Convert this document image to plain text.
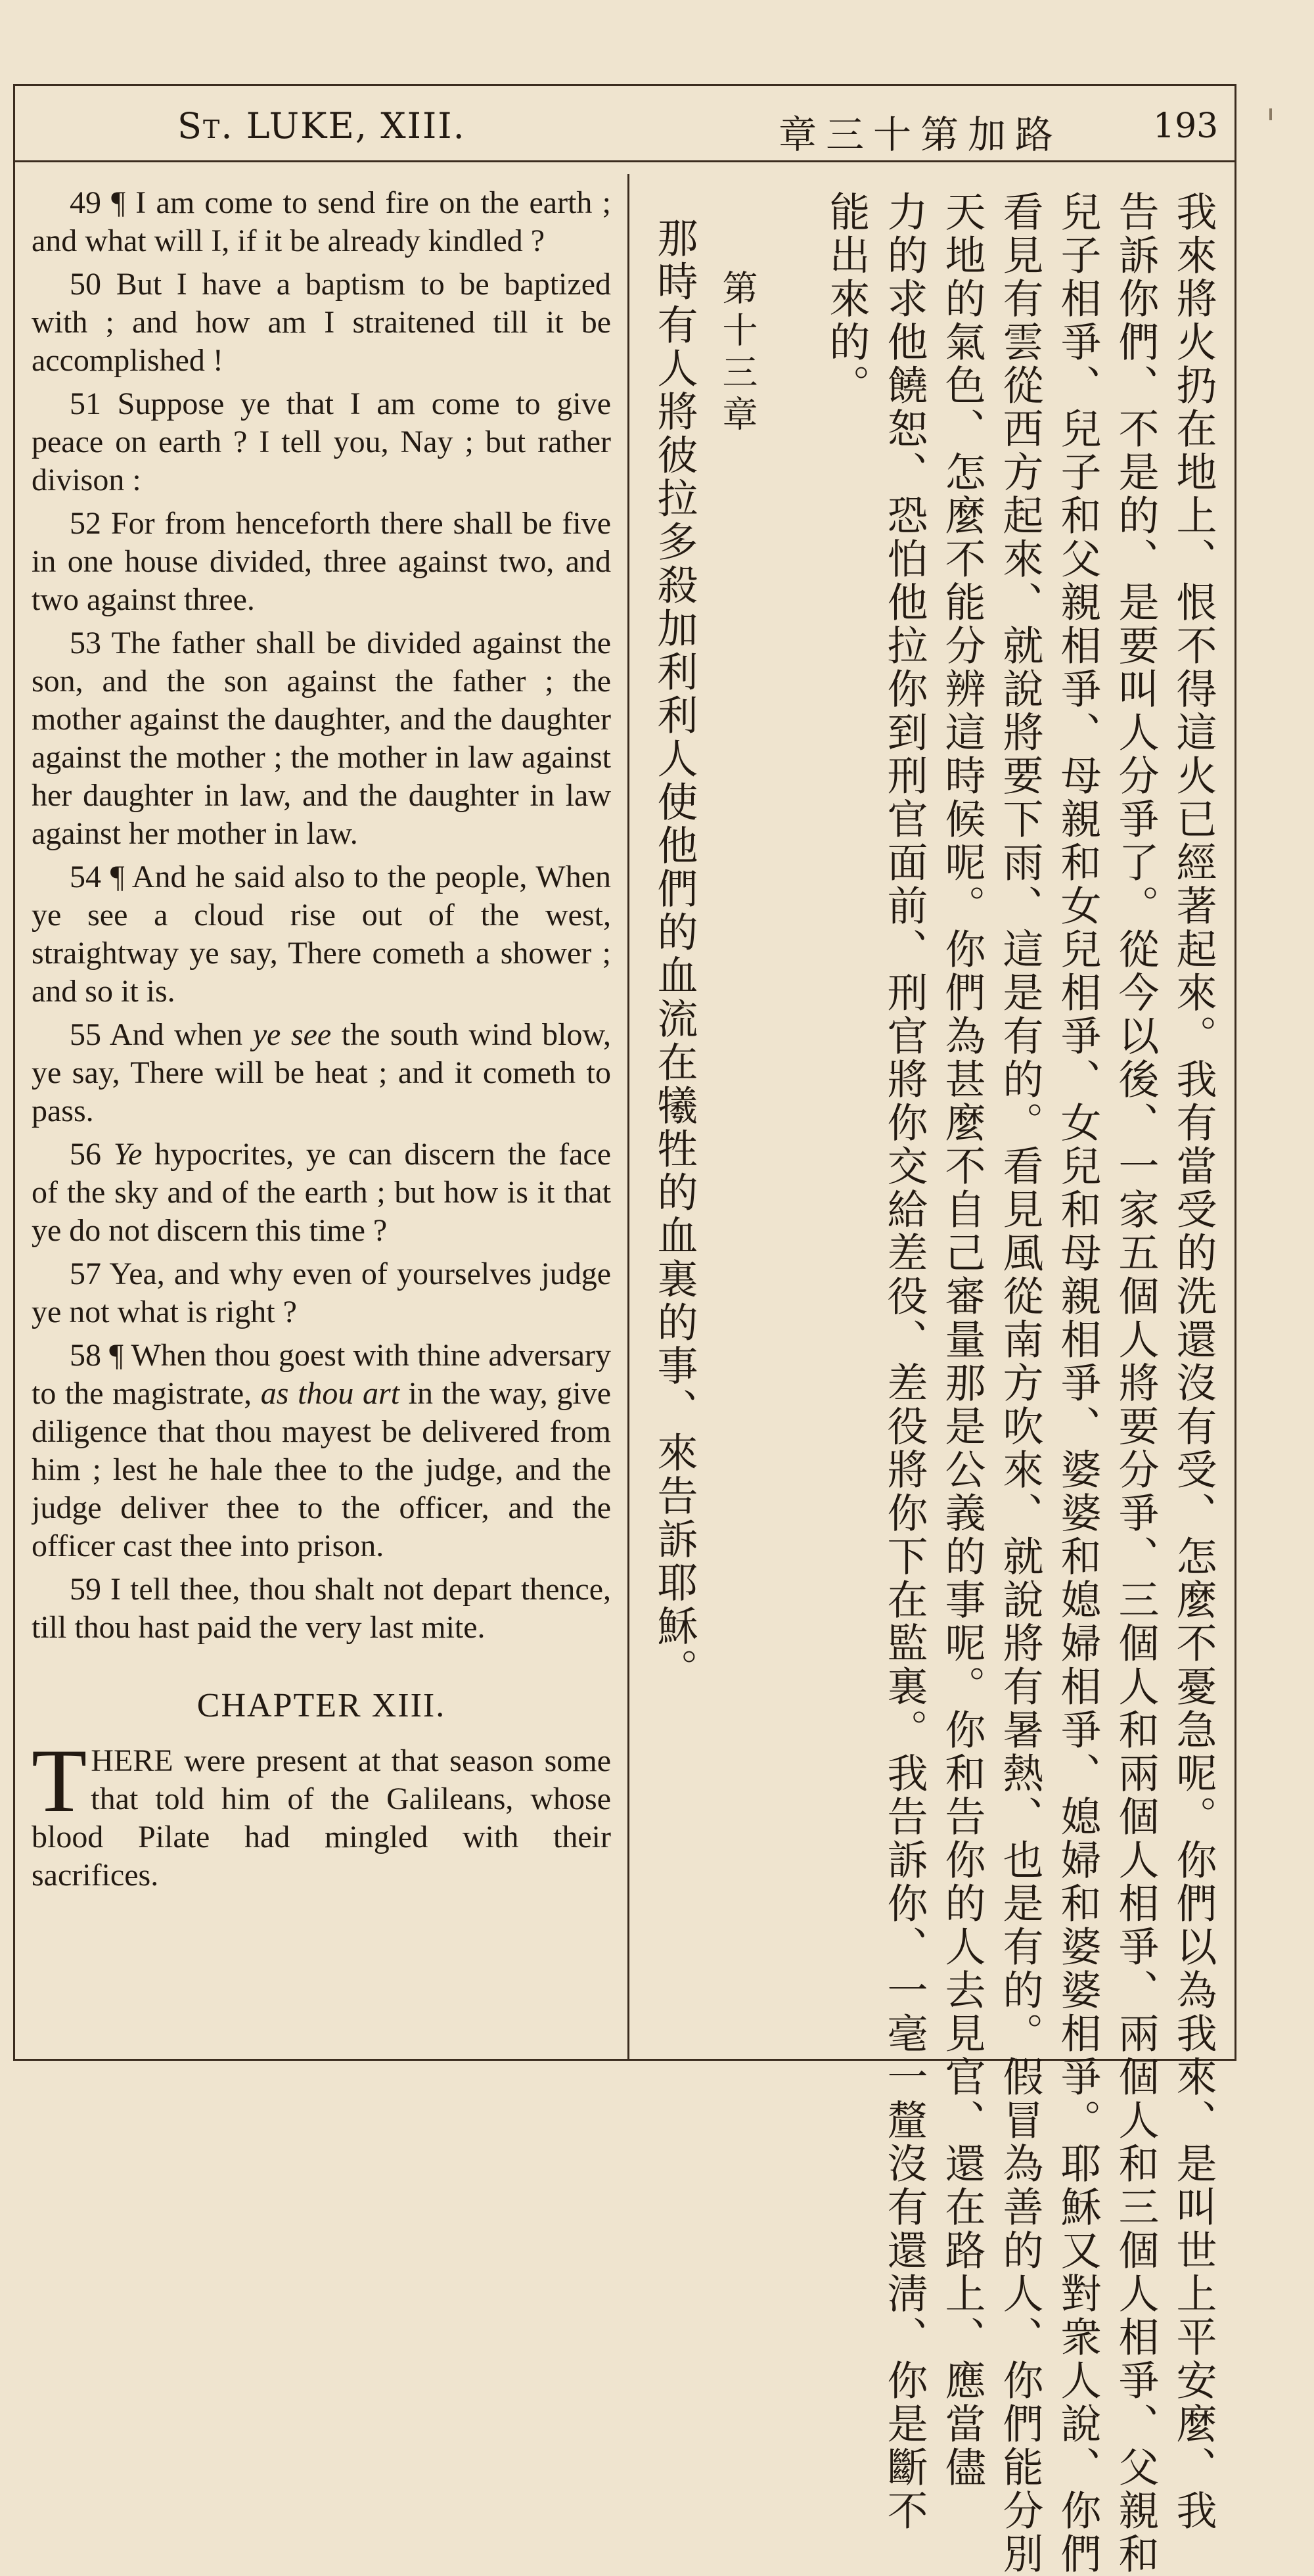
St. LUKE, XIII.	章三十第加路	193

49 ¶ I am come to send fire on the earth ; and what will I, if it be already kindled ?

50 But I have a baptism to be baptized with ; and how am I straitened till it be accomplished !

51 Suppose ye that I am come to give peace on earth ? I tell you, Nay ; but rather divison :

52 For from henceforth there shall be five in one house divided, three against two, and two against three.

53 The father shall be divided against the son, and the son against the father ; the mother against the daughter, and the daughter against the mother ; the mother in law against her daughter in law, and the daughter in law against her mother in law.

54 ¶ And he said also to the people, When ye see a cloud rise out of the west, straightway ye say, There cometh a shower ; and so it is.

55 And when ye see the south wind blow, ye say, There will be heat ; and it cometh to pass.

56 Ye hypocrites, ye can discern the face of the sky and of the earth ; but how is it that ye do not discern this time ?

57 Yea, and why even of yourselves judge ye not what is right ?

58 ¶ When thou goest with thine adversary to the magistrate, as thou art in the way, give diligence that thou mayest be delivered from him ; lest he hale thee to the judge, and the judge deliver thee to the officer, and the officer cast thee into prison.

59 I tell thee, thou shalt not depart thence, till thou hast paid the very last mite.

CHAPTER XIII.

THERE were present at that season some that told him of the Galileans, whose blood Pilate had mingled with their sacrifices.	我來將火扔在地上、恨不得這火已經著起來。我有當受的洗還沒有受、怎麼不憂急呢。你們以為我來、是叫世上平安麼、我
告訴你們、不是的、是要叫人分爭了。從今以後、一家五個人將要分爭、三個人和兩個人相爭、兩個人和三個人相爭、父親和
兒子相爭、兒子和父親相爭、母親和女兒相爭、女兒和母親相爭、婆婆和媳婦相爭、媳婦和婆婆相爭。耶穌又對衆人說、你們
看見有雲從西方起來、就說將要下雨、這是有的。看見風從南方吹來、就說將有暑熱、也是有的。假冒為善的人、你們能分別
天地的氣色、怎麼不能分辨這時候呢。你們為甚麼不自己審量那是公義的事呢。你和告你的人去見官、還在路上、應當儘
力的求他饒恕、恐怕他拉你到刑官面前、刑官將你交給差役、差役將你下在監裏。我告訴你、一毫一釐沒有還淸、你是斷不
能出來的。
第十三章
那時有人將彼拉多殺加利利人使他們的血流在犧牲的血裏的事、來告訴耶穌。
